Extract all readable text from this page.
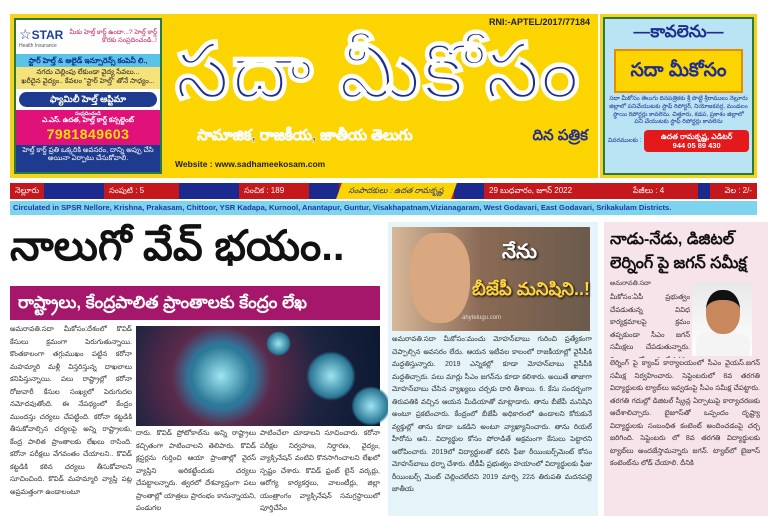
☆STAR
Health Insurance
మీకు హెల్త్ కార్డ్ ఉందా...? హెల్త్ కార్డ్ కొరకు సంప్రదించండి..!
స్టార్ హెల్త్ & అలైడ్ ఇన్సూరెన్స్ కంపెనీ లి.,
నగదు చెల్లింపు లేకుండా వైద్య సేవలు...
ఖరీదైన వైద్యం.. కేవలం "స్టార్ హెల్త్" తోనే సాధ్యం...
ఫ్యామిలీ హెల్త్ ఆప్టిమా
సంప్రదించండి
ఎ.ఎస్. ఉదత, హెల్త్ కార్డ్ కన్సల్టెంట్
7981849603
హెల్త్ కార్డ్ ప్రతి ఒక్కరికి అవసరం, దాన్ని అప్పు చేసి అయినా ఏర్పాటు చేసుకోవాలి.
RNI:-APTEL/2017/77184
సదా మీకోసం
సామాజిక, రాజకీయ, జాతీయ తెలుగు	దిన పత్రిక
Website : www.sadhameekosam.com
—కావలెను—
సదా మీకోసం
సదా మీకోసం తెలుగు దినపత్రికకు శ్రీ పొట్టి శ్రీరాములు నెల్లూరు జిల్లాలో పనిచేయుటకు స్టాఫ్ రిపోర్టర్, నియోజకవర్గ, మండలం స్థాయి రిపోర్టర్లు కావలెను. చిత్తూరు, కడప, ప్రకాశం జిల్లాలో పని చేయుటకు స్టాఫ్ రిపోర్టర్లు కావలెను
వివరములకు :	ఉదత రామకృష్ణ, ఎడిటర్
944 05 89 430
నెల్లూరు	సంపుటి : 5	సంచిక : 189	సంపాదకులు : ఉదత రామకృష్ణ	29 బుధవారం, జూన్ 2022	పేజీలు : 4	వెల : 2/-
Circulated in SPSR Nellore, Krishna, Prakasam, Chittoor, YSR Kadapa, Kurnool, Anantapur, Guntur, Visakhapatnam,Vizianagaram, West Godavari, East Godavari, Srikakulam Districts.
నాలుగో వేవ్ భయం..
రాష్ట్రాలు, కేంద్రపాలిత ప్రాంతాలకు కేంద్రం లేఖ
అమరావతి.సదా మీకోసం:దేశంలో కొవిడ్ కేసులు క్రమంగా పెరుగుతున్నాయి. కొంతకాలంగా తగ్గుముఖం పట్టిన కరోనా మహమ్మారి మళ్లీ విస్తరిస్తున్న దాఖలాలు కనిపిస్తున్నాయి. పలు రాష్ట్రాల్లో కరోనా రోజువారీ కేసుల సంఖ్యలో పెరుగుదల నమోదవుతోంది. ఈ నేపథ్యంలో కేంద్రం ముందస్తు చర్యలు చేపట్టింది. కరోనా కట్టడికి తీసుకోవాల్సిన చర్యలపై అన్ని రాష్ట్రాలకు, కేంద్ర పాలిత ప్రాంతాలకు లేఖలు రాసింది. కరోనా పరీక్షలు వేగవంతం చేయాలని.. కొవిడ్ కట్టడికి కఠిన చర్యలు తీసుకోవాలని సూచించింది. కొవిడ్ మహమ్మారి వ్యాప్తి పట్ల అప్రమత్తంగా ఉండాలంటూ
దారు. కొవిడ్ ప్రోటోకాల్‌ను అన్ని రాష్ట్రాలు కచ్చితంగా పాటించాలని తెలిపారు. కొవిడ్ క్లస్టర్లను గుర్తించి ఆయా ప్రాంతాల్లో వైరస్ వ్యాప్తిని అరికట్టేందుకు చర్యలు చేపట్టాలన్నారు. త్వరలో దేశవ్యాప్తంగా పలు ప్రాంతాల్లో యాత్రలు ప్రారంభం కానున్నాయని, పండుగల
పాటించేలా చూడాలని సూచించారు. కరోనా పరీక్షల నిర్వహణ, నిర్ధారణ, వైద్యం, వ్యాక్సినేషన్ వంటివి కొనసాగించాలని లేఖలో స్పష్టం చేశారు. కొవిడ్ ఫ్రంట్ లైన్ వర్కర్లు, ఆరోగ్య కార్యకర్తలు, వాలంటీర్లు, జిల్లా యంత్రాంగం వ్యాక్సినేషన్ సమగ్రస్థాయిలో పూర్తిచేసేం
నేను
బీజేపీ మనిషిని..!
ahytelugu.com
అమరావతి.సదా మీకోసం:మంచు మోహన్‌బాబు గురించి ప్రత్యేకంగా చెప్పాల్సిన అవసరం లేదు. ఆయన ఇటీవల కాలంలో రాజకీయాల్లో వైసీపీకి మద్దతిస్తున్నారు. 2019 ఎన్నికల్లో కూడా మోహన్‌బాబు వైసీపీకి మద్దతిచ్చారు. పలు మార్లు సీఎం జగన్‌ను కూడా కలిశారు. అయితే తాజాగా మోహన్‌బాబు చేసిన వ్యాఖ్యలు చర్చకు దారి తీశాయి. 6. కేసు సందర్భంగా తిరుపతికి వచ్చిన ఆయన మీడియాతో మాట్లాడారు. తాను బీజేపీ మనిషిని అంటూ ప్రకటించారు. కేంద్రంలో బీజేపీ అధికారంలో ఉండాలని కోరుకునే వ్యక్తుల్లో తాను కూడా ఒకడిని అంటూ వ్యాఖ్యానించారు. తాను రియల్ హీరోను అని.. విద్యార్థుల కోసం పోరాడితే అక్రమంగా కేసులు పెట్టారని ఆరోపించారు. 2019లో విద్యార్థులతో కలిసి ఫీజు రీయింబర్స్‌మెంట్ కోసం మోహన్‌బాబు ధర్నా చేశారు. టీడీపీ ప్రభుత్వం హయాంలో విద్యార్థులకు ఫీజు రీయింబర్స్ మెంట్ చెల్లించలేదని 2019 మార్చి 22న తిరుపతి మదనపల్లె జాతీయ
నాడు-నేడు, డిజిటల్ లెర్నింగ్ పై జగన్ సమీక్ష
అమరావతి.సదా
మీకోసం:ఏపీ ప్రభుత్వం చేపడుతున్న వివిధ కార్యక్రమాలపై క్రమం తప్పకుండా సీఎం జగన్ సమీక్షలు చేపడుతున్నారు.
లెర్నింగ్ పై క్యాంప్ కార్యాలయంలో సీఎం వైయస్.జగన్ సమీక్ష నిర్వహించారు. సెప్టెంబరులో 8వ తరగతి విద్యార్థులకు ట్యాబ్‌లు ఇవ్వడంపై సీఎం సమీక్ష చేపట్టారు. తరగతి గదుల్లో డిజిటల్ స్క్రీన్ల ఏర్పాటుపై కార్యాచరణకు ఆదేశాలిచ్చారు. బైజూస్‌తో ఒప్పందం దృష్ట్యా విద్యార్థులకు సంబంధిత కంటెంట్ అందించడంపై చర్చ జరిగింది. సెప్టెంబరు లో 8వ తరగతి విద్యార్థులకు ట్యాబ్‌లు అందజేస్తామన్నారు జగన్. ట్యాబ్‌లో బైజూస్ కంటెంట్‌ను లోడ్ చేయాలి. దీనికి
